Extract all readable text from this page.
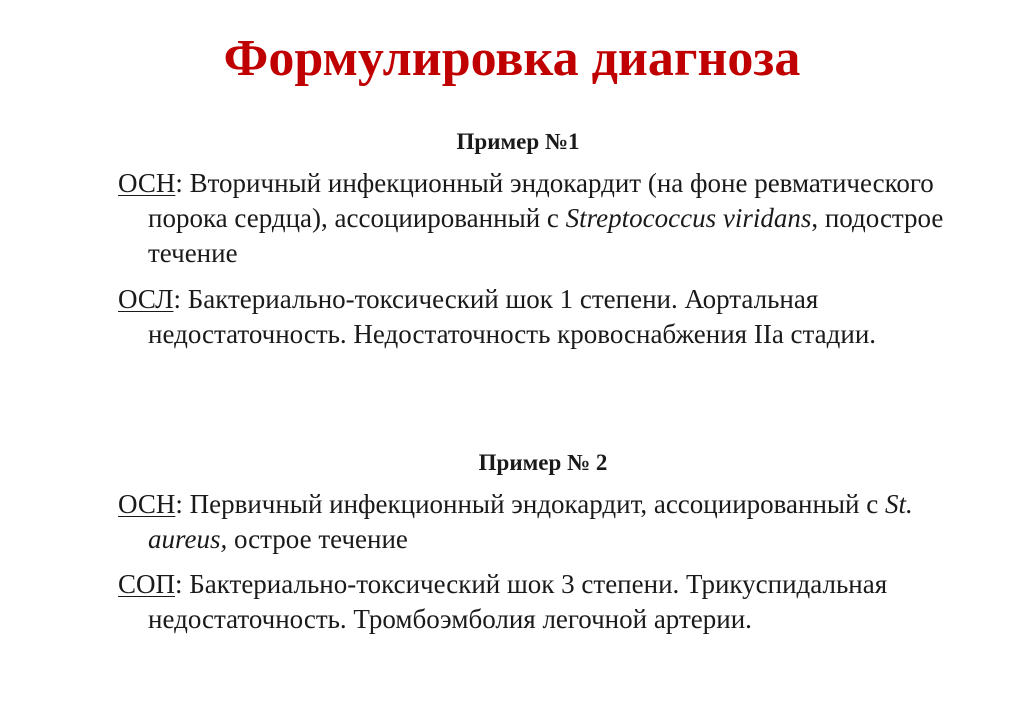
Формулировка диагноза
Пример №1
ОСН: Вторичный инфекционный эндокардит (на фоне ревматического порока сердца), ассоциированный с Streptococcus viridans, подострое течение
ОСЛ: Бактериально-токсический шок 1 степени. Аортальная недостаточность. Недостаточность кровоснабжения IIa стадии.
Пример № 2
ОСН: Первичный инфекционный эндокардит, ассоциированный с St. aureus, острое течение
СОП: Бактериально-токсический шок 3 степени. Трикуспидальная недостаточность. Тромбоэмболия легочной артерии.
